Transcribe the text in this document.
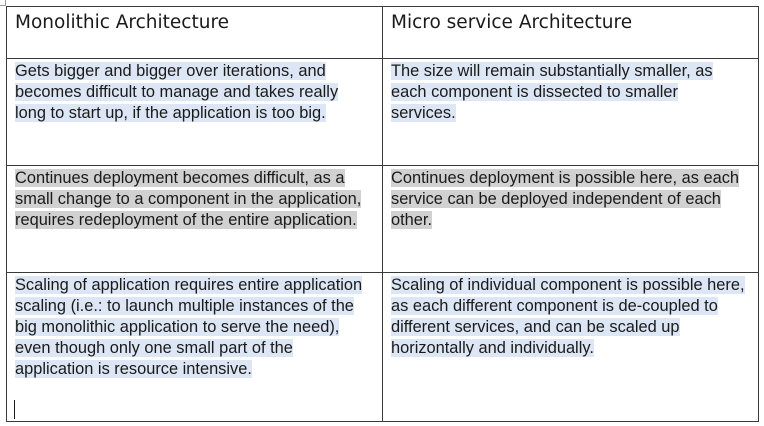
Monolithic Architecture	Micro service Architecture

Gets bigger and bigger over iterations, and becomes difficult to manage and takes really long to start up, if the application is too big.	The size will remain substantially smaller, as each component is dissected to smaller services.

Continues deployment becomes difficult, as a small change to a component in the application, requires redeployment of the entire application.	Continues deployment is possible here, as each service can be deployed independent of each other.

Scaling of application requires entire application scaling (i.e.: to launch multiple instances of the big monolithic application to serve the need), even though only one small part of the application is resource intensive.	Scaling of individual component is possible here, as each different component is de-coupled to different services, and can be scaled up horizontally and individually.
